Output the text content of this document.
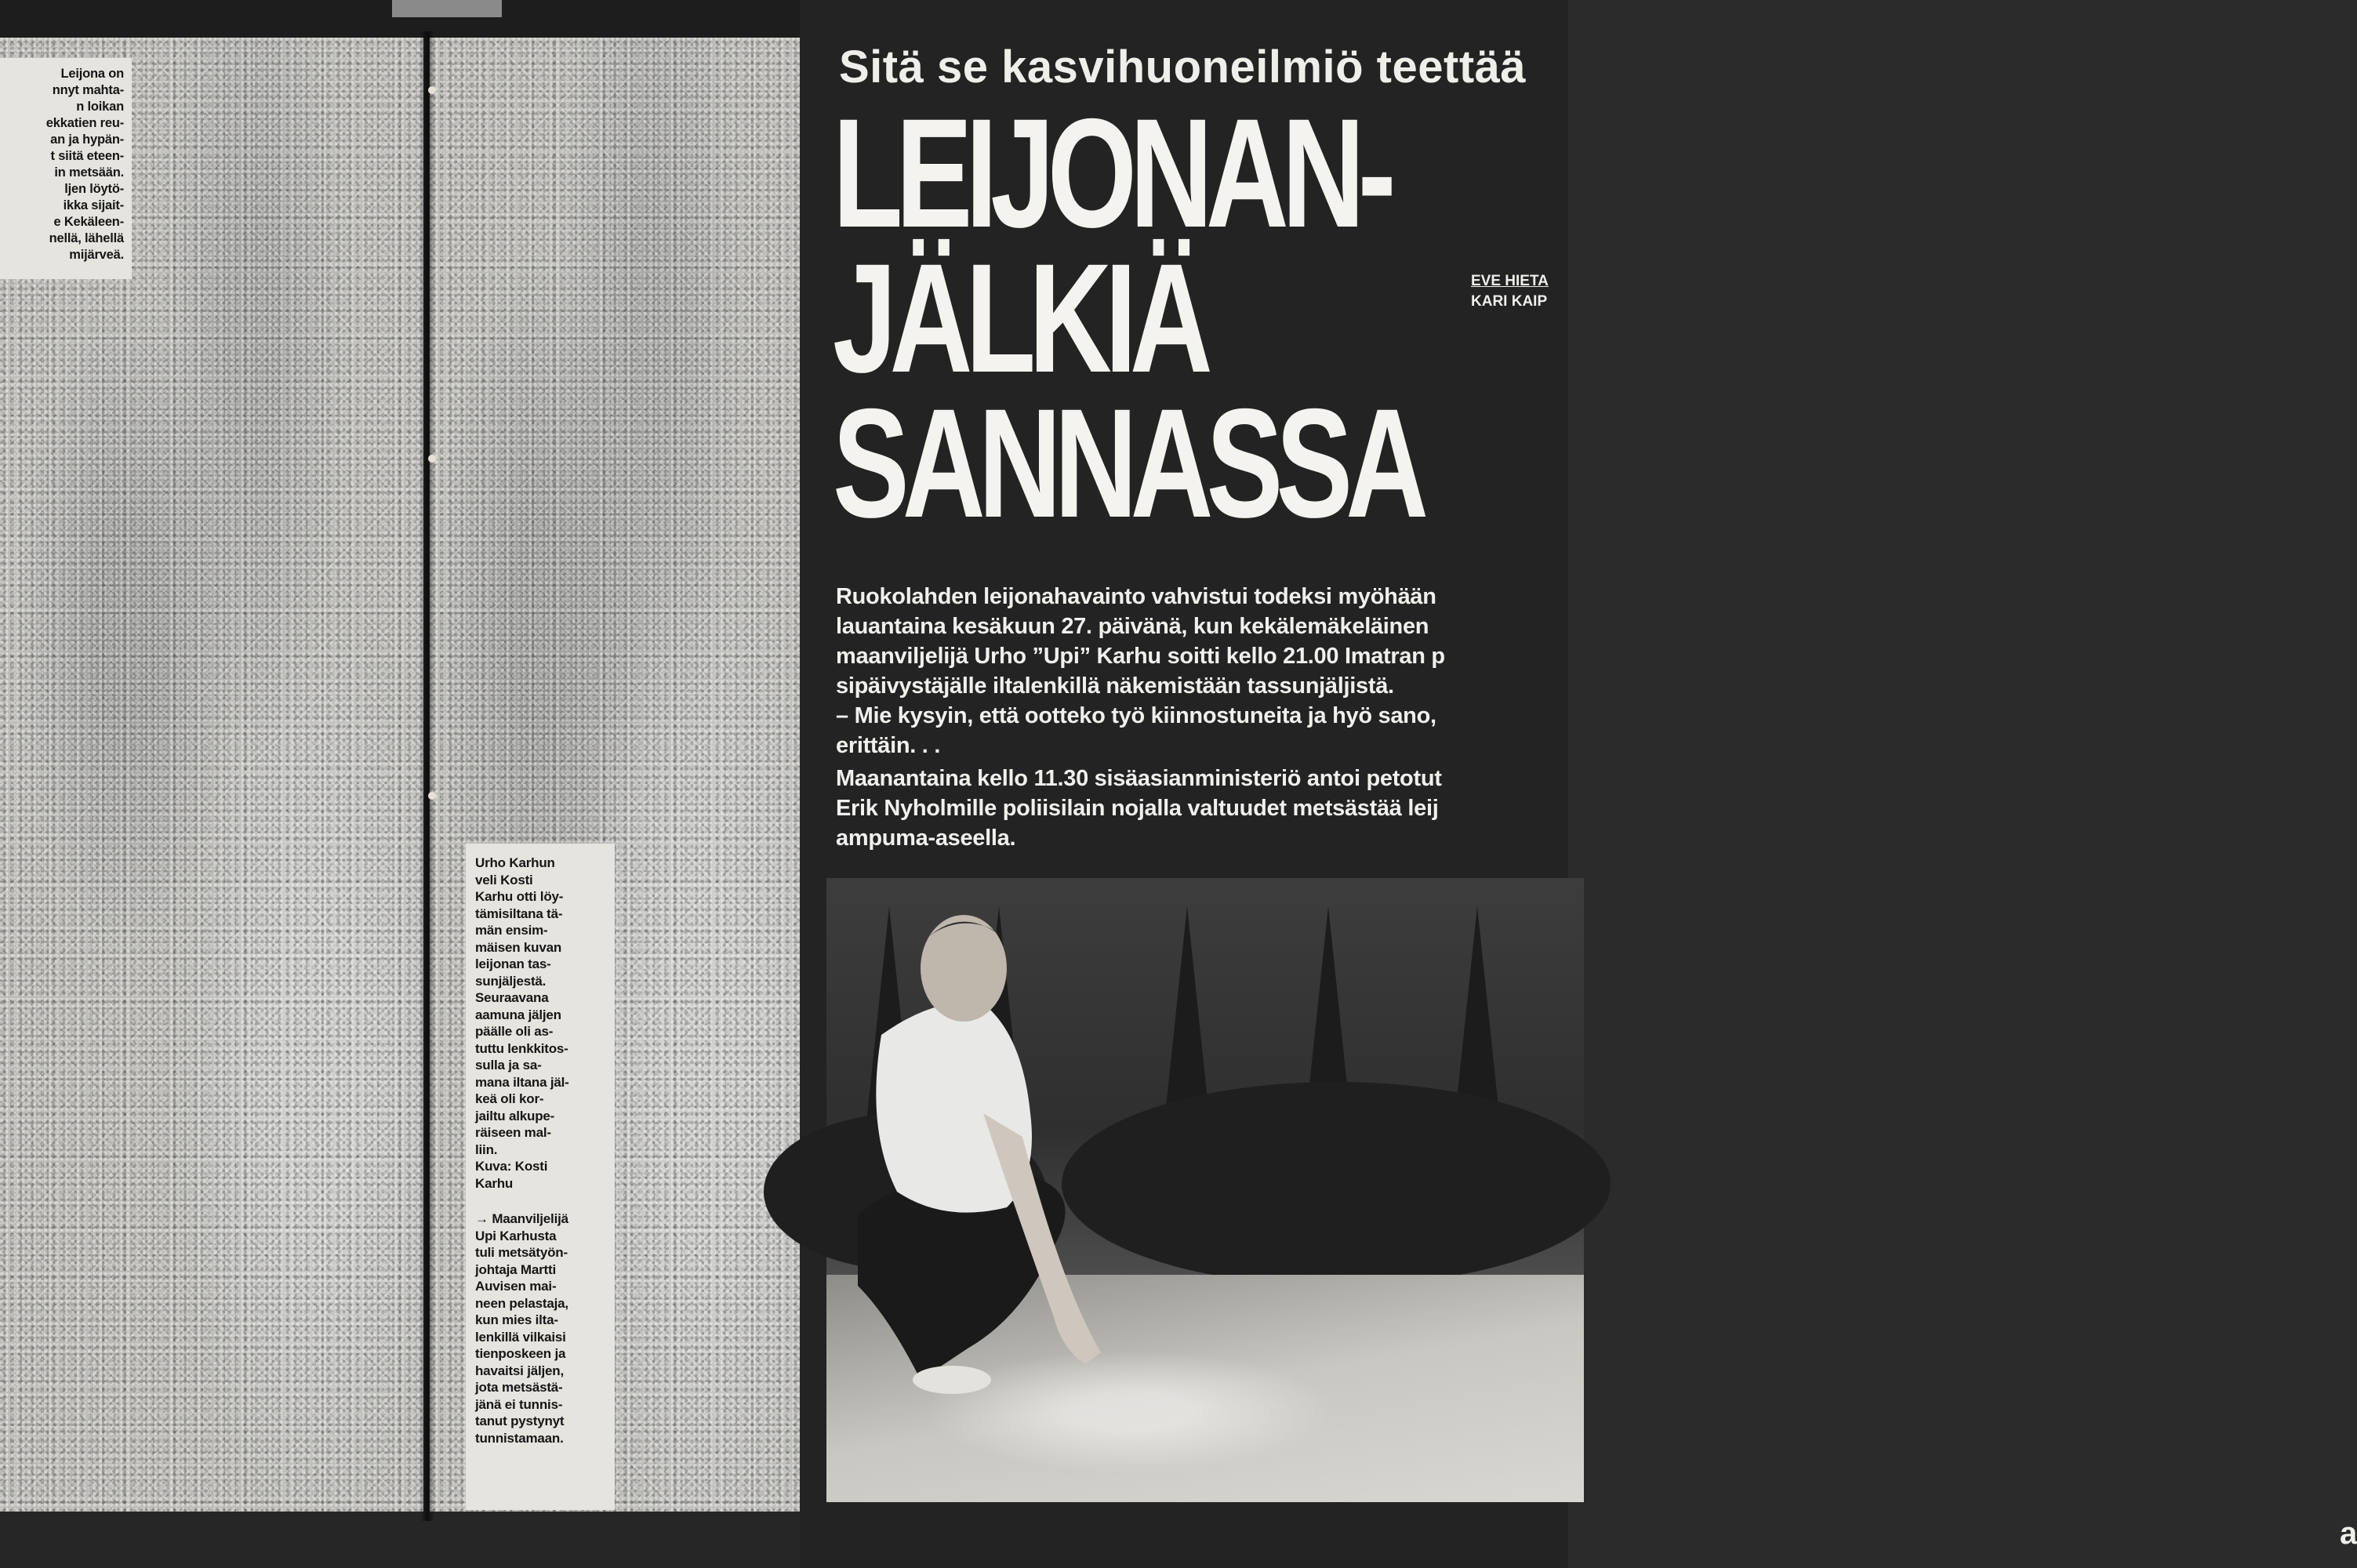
Leijona on
nnyt mahta-
n loikan
ekkatien reu-
an ja hypän-
t siitä eteen-
in metsään.
ljen löytö-
ikka sijait-
e Kekäleen-
nellä, lähellä
mijärveä.
Urho Karhun
veli Kosti
Karhu otti löy-
tämisiltana tä-
män ensim-
mäisen kuvan
leijonan tas-
sunjäljestä.
Seuraavana
aamuna jäljen
päälle oli as-
tuttu lenkkitos-
sulla ja sa-
mana iltana jäl-
keä oli kor-
jailtu alkupe-
räiseen mal-
liin.
Kuva: Kosti
Karhu
→ Maanviljelijä
Upi Karhusta
tuli metsätyön-
johtaja Martti
Auvisen mai-
neen pelastaja,
kun mies ilta-
lenkillä vilkaisi
tienposkeen ja
havaitsi jäljen,
jota metsästä-
jänä ei tunnis-
tanut pystynyt
tunnistamaan.
Sitä se kasvihuoneilmiö teettää
LEIJONAN-
JÄLKIÄ
SANNASSA
EVE HIETA
KARI KAIP
Ruokolahden leijonahavainto vahvistui todeksi myöhään
lauantaina kesäkuun 27. päivänä, kun kekälemäkeläinen
maanviljelijä Urho ”Upi” Karhu soitti kello 21.00 Imatran p
sipäivystäjälle iltalenkillä näkemistään tassunjäljistä.
– Mie kysyin, että ootteko työ kiinnostuneita ja hyö sano,
erittäin. . .
Maanantaina kello 11.30 sisäasianministeriö antoi petotut
Erik Nyholmille poliisilain nojalla valtuudet metsästää leij
ampuma-aseella.
a
